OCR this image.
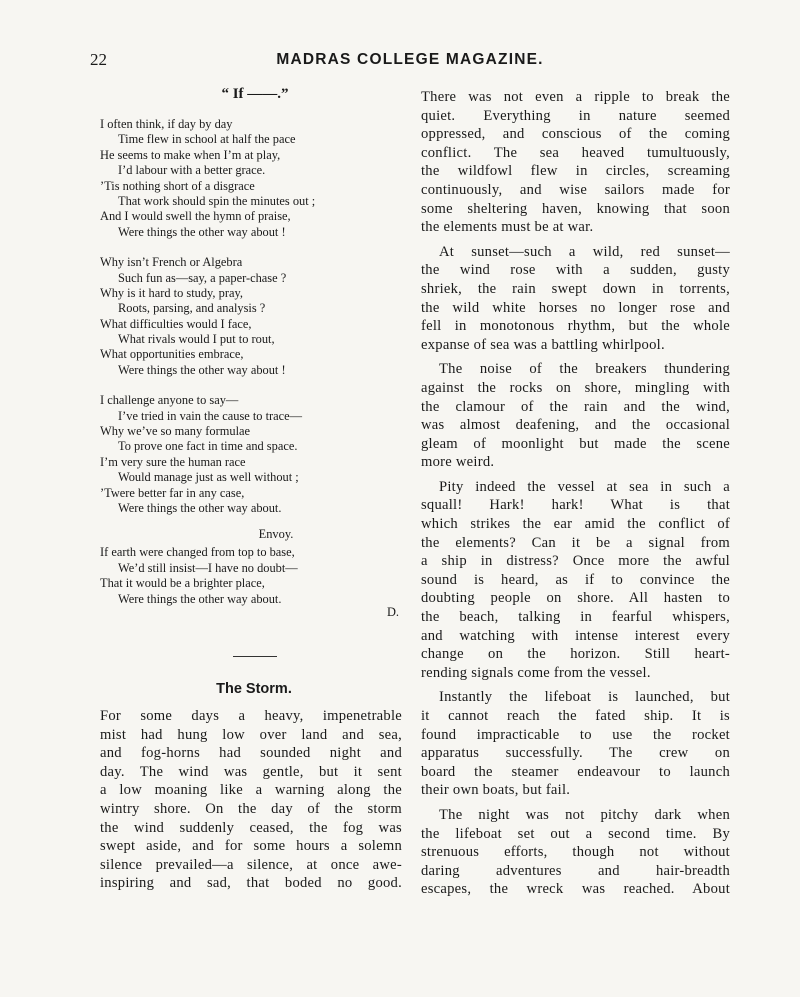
22	MADRAS COLLEGE MAGAZINE.
“ If ——.”
I often think, if day by day
Time flew in school at half the pace
He seems to make when I’m at play,
I’d labour with a better grace.
’Tis nothing short of a disgrace
That work should spin the minutes out ;
And I would swell the hymn of praise,
Were things the other way about !
Why isn’t French or Algebra
Such fun as—say, a paper-chase ?
Why is it hard to study, pray,
Roots, parsing, and analysis ?
What difficulties would I face,
What rivals would I put to rout,
What opportunities embrace,
Were things the other way about !
I challenge anyone to say—
I’ve tried in vain the cause to trace—
Why we’ve so many formulae
To prove one fact in time and space.
I’m very sure the human race
Would manage just as well without ;
’Twere better far in any case,
Were things the other way about.
Envoy.
If earth were changed from top to base,
We’d still insist—I have no doubt—
That it would be a brighter place,
Were things the other way about.
D.
The Storm.
For some days a heavy, impenetrable
mist had hung low over land and sea,
and fog-horns had sounded night and
day. The wind was gentle, but it sent
a low moaning like a warning along the
wintry shore. On the day of the storm
the wind suddenly ceased, the fog was
swept aside, and for some hours a solemn
silence prevailed—a silence, at once awe-
inspiring and sad, that boded no good.
There was not even a ripple to break the
quiet. Everything in nature seemed
oppressed, and conscious of the coming
conflict. The sea heaved tumultuously,
the wildfowl flew in circles, screaming
continuously, and wise sailors made for
some sheltering haven, knowing that soon
the elements must be at war.
At sunset—such a wild, red sunset—
the wind rose with a sudden, gusty
shriek, the rain swept down in torrents,
the wild white horses no longer rose and
fell in monotonous rhythm, but the whole
expanse of sea was a battling whirlpool.
The noise of the breakers thundering
against the rocks on shore, mingling with
the clamour of the rain and the wind,
was almost deafening, and the occasional
gleam of moonlight but made the scene
more weird.
Pity indeed the vessel at sea in such a
squall! Hark! hark! What is that
which strikes the ear amid the conflict of
the elements? Can it be a signal from
a ship in distress? Once more the awful
sound is heard, as if to convince the
doubting people on shore. All hasten to
the beach, talking in fearful whispers,
and watching with intense interest every
change on the horizon. Still heart-
rending signals come from the vessel.
Instantly the lifeboat is launched, but
it cannot reach the fated ship. It is
found impracticable to use the rocket
apparatus successfully. The crew on
board the steamer endeavour to launch
their own boats, but fail.
The night was not pitchy dark when
the lifeboat set out a second time. By
strenuous efforts, though not without
daring adventures and hair-breadth
escapes, the wreck was reached. About
